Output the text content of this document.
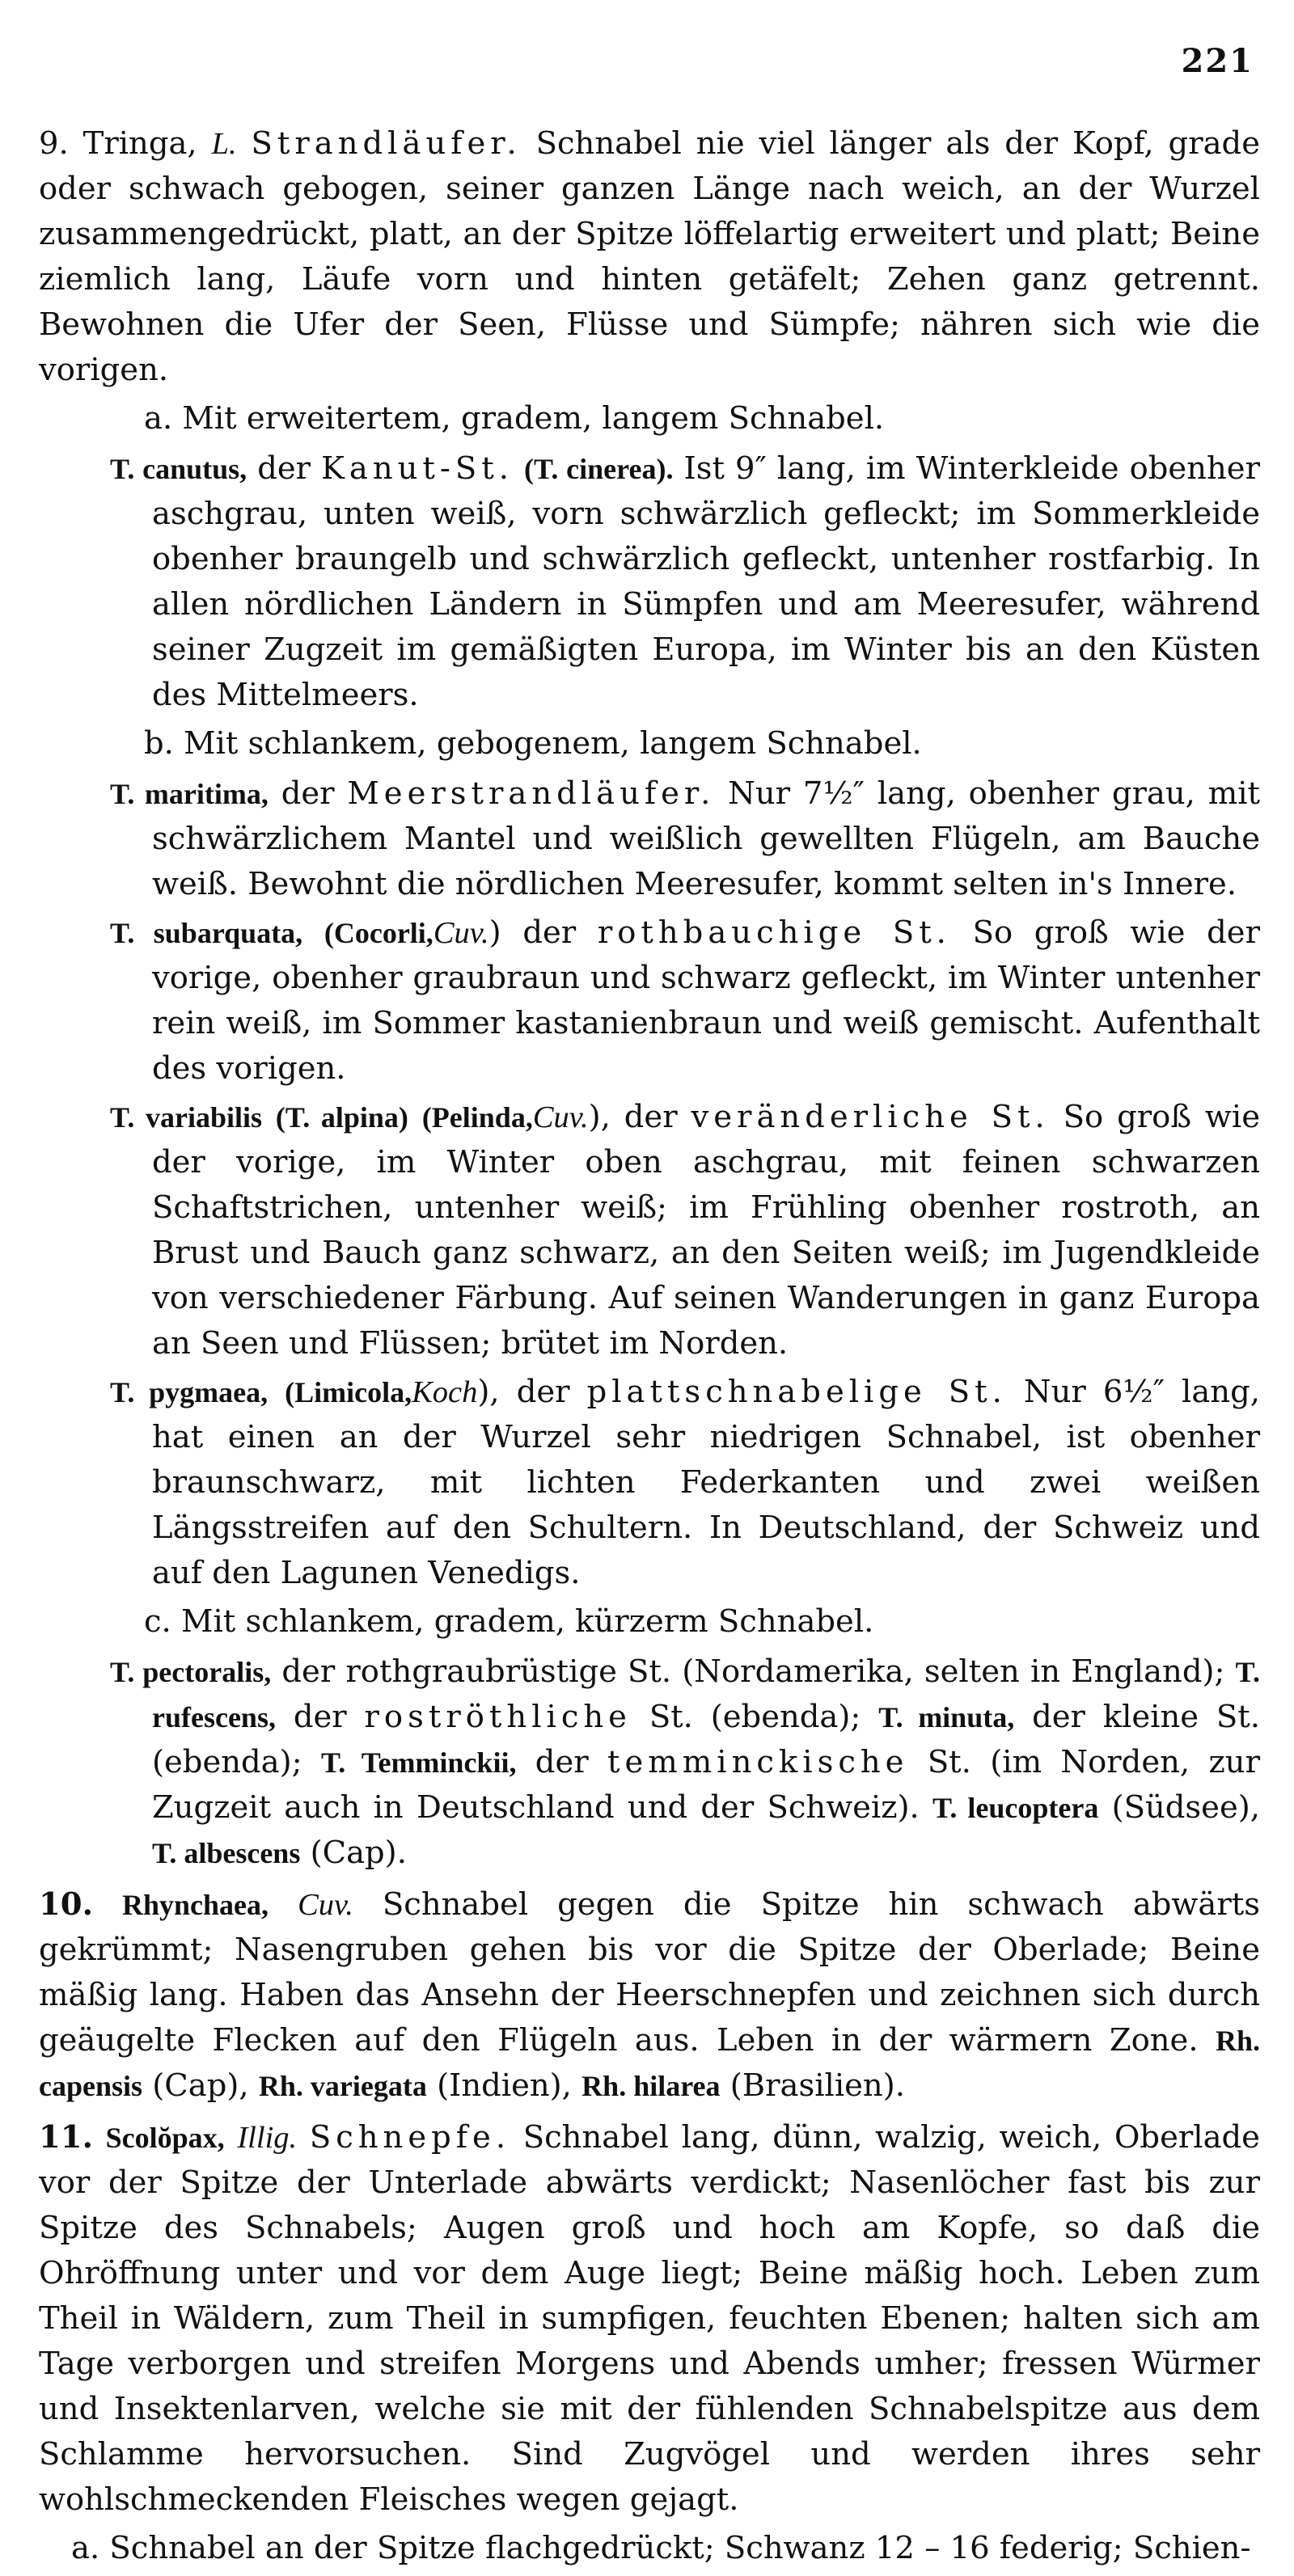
221

9. Tringa, L. Strandläufer. Schnabel nie viel länger als der Kopf, grade oder schwach gebogen, seiner ganzen Länge nach weich, an der Wurzel zusammengedrückt, platt, an der Spitze löffelartig erweitert und platt; Beine ziemlich lang, Läufe vorn und hinten getäfelt; Zehen ganz getrennt. Bewohnen die Ufer der Seen, Flüsse und Sümpfe; nähren sich wie die vorigen.

a. Mit erweitertem, gradem, langem Schnabel.

T. canutus, der Kanut-St. (T. cinerea). Ist 9″ lang, im Winterkleide obenher aschgrau, unten weiß, vorn schwärzlich gefleckt; im Sommerkleide obenher braungelb und schwärzlich gefleckt, untenher rostfarbig. In allen nördlichen Ländern in Sümpfen und am Meeresufer, während seiner Zugzeit im gemäßigten Europa, im Winter bis an den Küsten des Mittelmeers.

b. Mit schlankem, gebogenem, langem Schnabel.

T. maritima, der Meerstrandläufer. Nur 7½″ lang, obenher grau, mit schwärzlichem Mantel und weißlich gewellten Flügeln, am Bauche weiß. Bewohnt die nördlichen Meeresufer, kommt selten in's Innere.

T. subarquata, (Cocorli,Cuv.) der rothbauchige St. So groß wie der vorige, obenher graubraun und schwarz gefleckt, im Winter untenher rein weiß, im Sommer kastanienbraun und weiß gemischt. Aufenthalt des vorigen.

T. variabilis (T. alpina) (Pelinda,Cuv.), der veränderliche St. So groß wie der vorige, im Winter oben aschgrau, mit feinen schwarzen Schaftstrichen, untenher weiß; im Frühling obenher rostroth, an Brust und Bauch ganz schwarz, an den Seiten weiß; im Jugendkleide von verschiedener Färbung. Auf seinen Wanderungen in ganz Europa an Seen und Flüssen; brütet im Norden.

T. pygmaea, (Limicola,Koch), der plattschnabelige St. Nur 6½″ lang, hat einen an der Wurzel sehr niedrigen Schnabel, ist obenher braunschwarz, mit lichten Federkanten und zwei weißen Längsstreifen auf den Schultern. In Deutschland, der Schweiz und auf den Lagunen Venedigs.

c. Mit schlankem, gradem, kürzerm Schnabel.

T. pectoralis, der rothgraubrüstige St. (Nordamerika, selten in England); T. rufescens, der roströthliche St. (ebenda); T. minuta, der kleine St. (ebenda); T. Temminckii, der temminckische St. (im Norden, zur Zugzeit auch in Deutschland und der Schweiz). T. leucoptera (Südsee), T. albescens (Cap).

10. Rhynchaea, Cuv. Schnabel gegen die Spitze hin schwach abwärts gekrümmt; Nasengruben gehen bis vor die Spitze der Oberlade; Beine mäßig lang. Haben das Ansehn der Heerschnepfen und zeichnen sich durch geäugelte Flecken auf den Flügeln aus. Leben in der wärmern Zone. Rh. capensis (Cap), Rh. variegata (Indien), Rh. hilarea (Brasilien).

11. Scolŏpax, Illig. Schnepfe. Schnabel lang, dünn, walzig, weich, Oberlade vor der Spitze der Unterlade abwärts verdickt; Nasenlöcher fast bis zur Spitze des Schnabels; Augen groß und hoch am Kopfe, so daß die Ohröffnung unter und vor dem Auge liegt; Beine mäßig hoch. Leben zum Theil in Wäldern, zum Theil in sumpfigen, feuchten Ebenen; halten sich am Tage verborgen und streifen Morgens und Abends umher; fressen Würmer und Insektenlarven, welche sie mit der fühlenden Schnabelspitze aus dem Schlamme hervorsuchen. Sind Zugvögel und werden ihres sehr wohlschmeckenden Fleisches wegen gejagt.

a. Schnabel an der Spitze flachgedrückt; Schwanz 12 – 16 federig; Schien-
